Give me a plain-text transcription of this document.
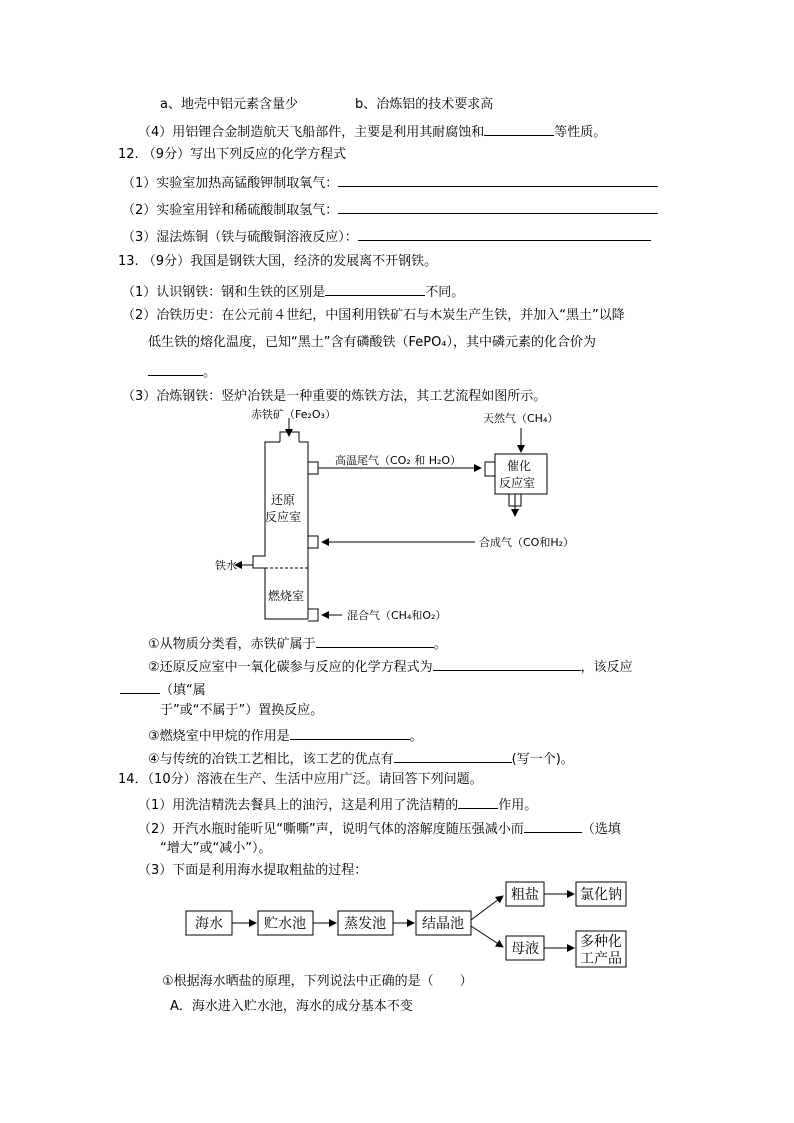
a、地壳中铝元素含量少	b、冶炼铝的技术要求高
（4）用铝锂合金制造航天飞船部件，主要是利用其耐腐蚀和	等性质。
12. （9分）写出下列反应的化学方程式
（1）实验室加热高锰酸钾制取氧气：
（2）实验室用锌和稀硫酸制取氢气：
（3）湿法炼铜（铁与硫酸铜溶液反应）：
13. （9分）我国是钢铁大国，经济的发展离不开钢铁。
（1）认识钢铁：钢和生铁的区别是	不同。
（2）冶铁历史：在公元前４世纪，中国利用铁矿石与木炭生产生铁，并加入“黑土”以降
低生铁的熔化温度，已知“黑土”含有磷酸铁（FePO₄），其中磷元素的化合价为
。
（3）冶炼钢铁：竖炉冶铁是一种重要的炼铁方法，其工艺流程如图所示。
赤铁矿（Fe₂O₃）
还原
反应室
燃烧室
铁水
高温尾气（CO₂ 和 H₂O）	催化
反应室
天然气（CH₄）
合成气（CO和H₂）
混合气（CH₄和O₂）
①从物质分类看，赤铁矿属于	。
②还原反应室中一氧化碳参与反应的化学方程式为	，该反应
（填“属
于”或“不属于”）置换反应。
③燃烧室中甲烷的作用是	。
④与传统的冶铁工艺相比，该工艺的优点有	(写一个)。
14．（10分）溶液在生产、生活中应用广泛。请回答下列问题。
（1）用洗洁精洗去餐具上的油污，这是利用了洗洁精的	作用。
（2）开汽水瓶时能听见“嘶嘶”声，说明气体的溶解度随压强减小而	（选填
“增大”或“减小”）。
（3）下面是利用海水提取粗盐的过程：
海水	贮水池	蒸发池	结晶池
粗盐	氯化钠
母液	多种化
工产品
①根据海水晒盐的原理，下列说法中正确的是（　　）
A．海水进入贮水池，海水的成分基本不变
